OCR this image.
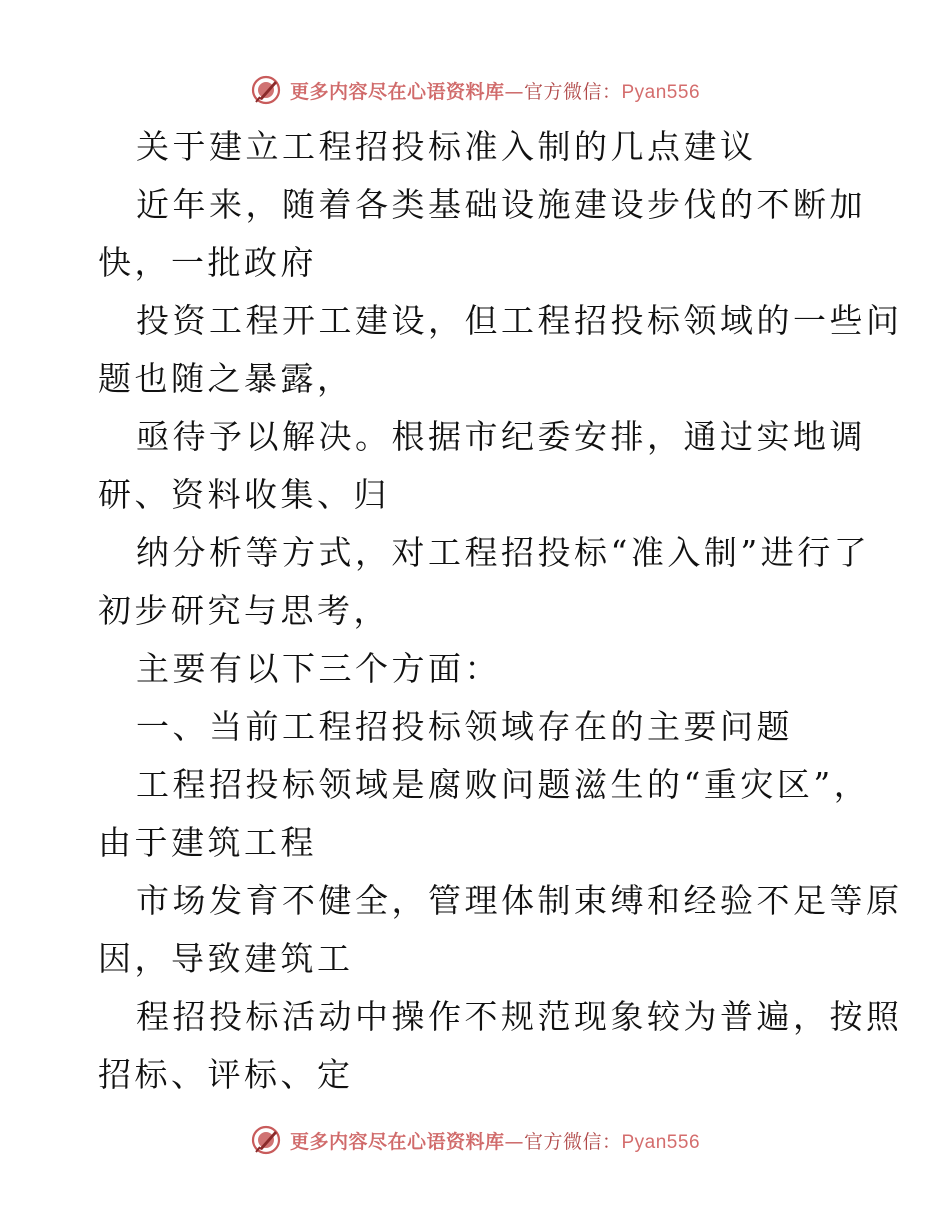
更多内容尽在心语资料库—官方微信：Pyan556

关于建立工程招投标准入制的几点建议

近年来，随着各类基础设施建设步伐的不断加

快，一批政府

投资工程开工建设，但工程招投标领域的一些问

题也随之暴露，

亟待予以解决。根据市纪委安排，通过实地调

研、资料收集、归

纳分析等方式，对工程招投标“准入制”进行了

初步研究与思考，

主要有以下三个方面：

一、当前工程招投标领域存在的主要问题

工程招投标领域是腐败问题滋生的“重灾区”，

由于建筑工程

市场发育不健全，管理体制束缚和经验不足等原

因，导致建筑工

程招投标活动中操作不规范现象较为普遍，按照

招标、评标、定

更多内容尽在心语资料库—官方微信：Pyan556
